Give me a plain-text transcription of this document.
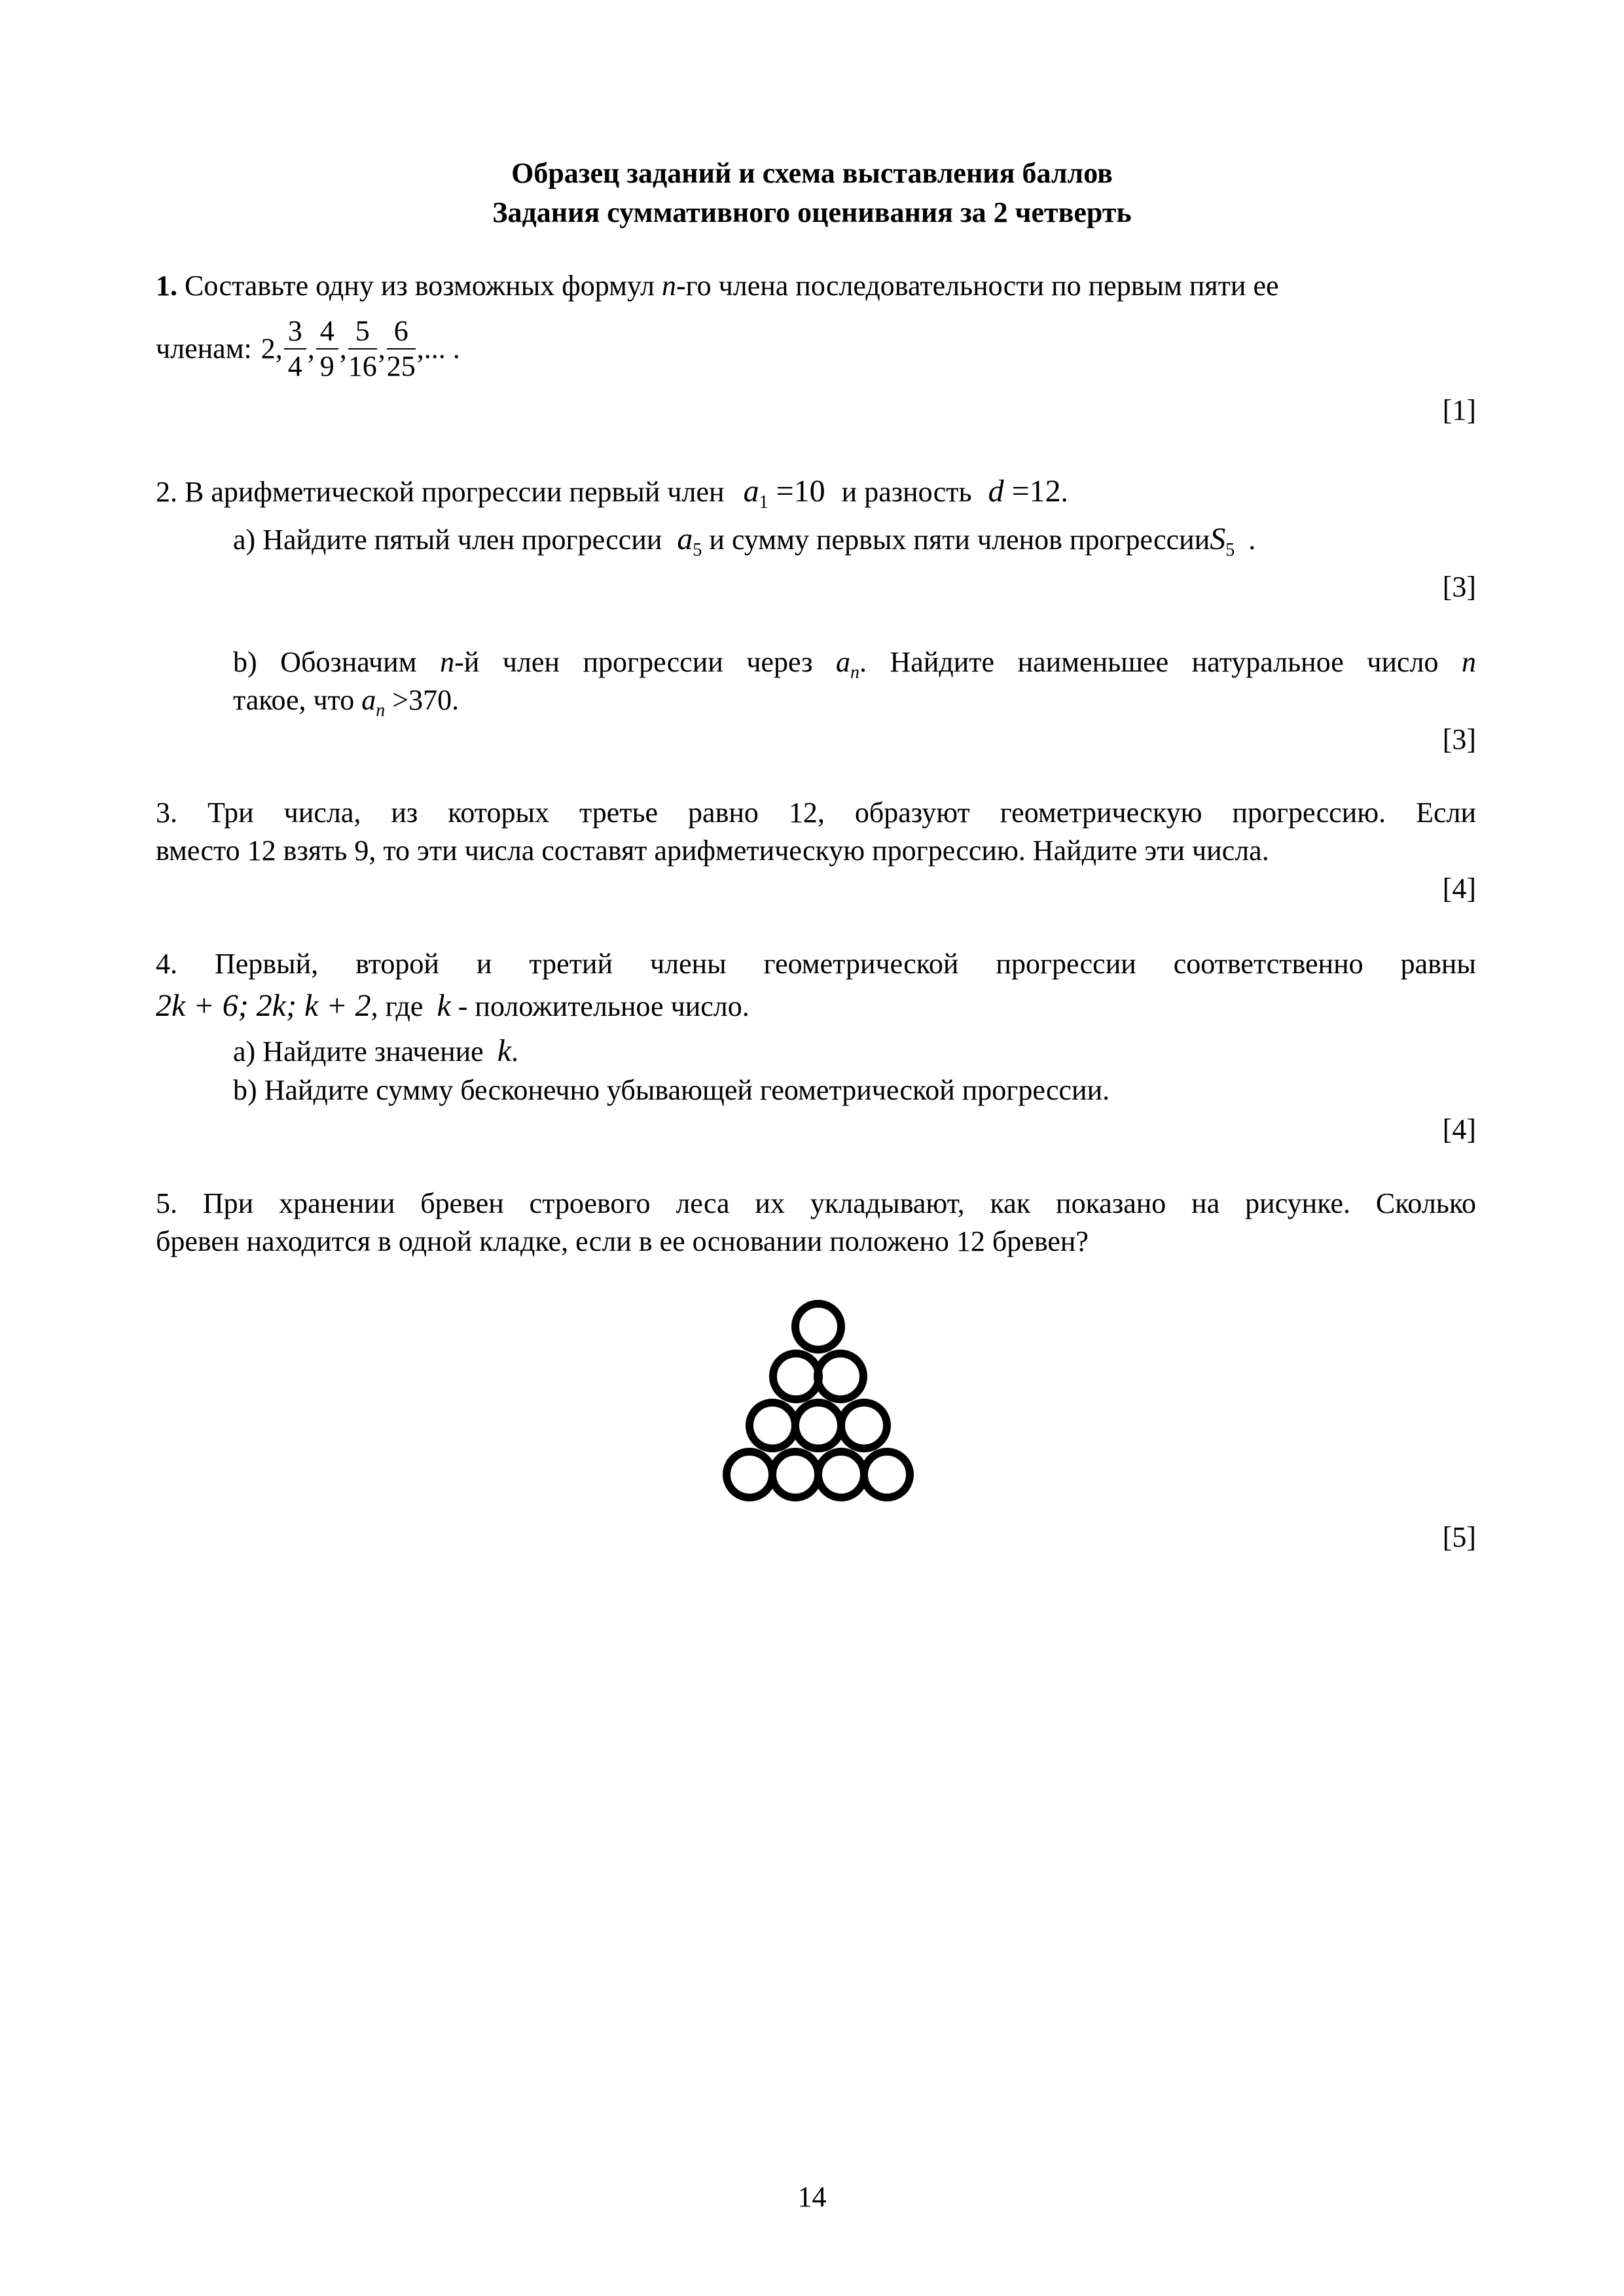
Образец заданий и схема выставления баллов
Задания суммативного оценивания за 2 четверть
1. Составьте одну из возможных формул n-го члена последовательности по первым пяти ее
членам: 2, $\frac{3}{4}$ , $\frac{4}{9}$ , $\frac{5}{16}$ , $\frac{6}{25}$ ,... .
[1]
2. В арифметической прогрессии первый член $a_1 =10$ и разность d =12.
a) Найдите пятый член прогрессии $a_5$ и сумму первых пяти членов прогрессииS$_5$ .
[3]
b) Обозначим n-й член прогрессии через $a_n$. Найдите наименьшее натуральное число n
такое, что $a_n >370$.
[3]
3. Три числа, из которых третье равно 12, образуют геометрическую прогрессию. Если
вместо 12 взять 9, то эти числа составят арифметическую прогрессию. Найдите эти числа.
[4]
4. Первый, второй и третий члены геометрической прогрессии соответственно равны
2k + 6; 2k; k + 2, где k - положительное число.
a) Найдите значение k.
b) Найдите сумму бесконечно убывающей геометрической прогрессии.
[4]
5. При хранении бревен строевого леса их укладывают, как показано на рисунке. Сколько
бревен находится в одной кладке, если в ее основании положено 12 бревен?
[5]
14
